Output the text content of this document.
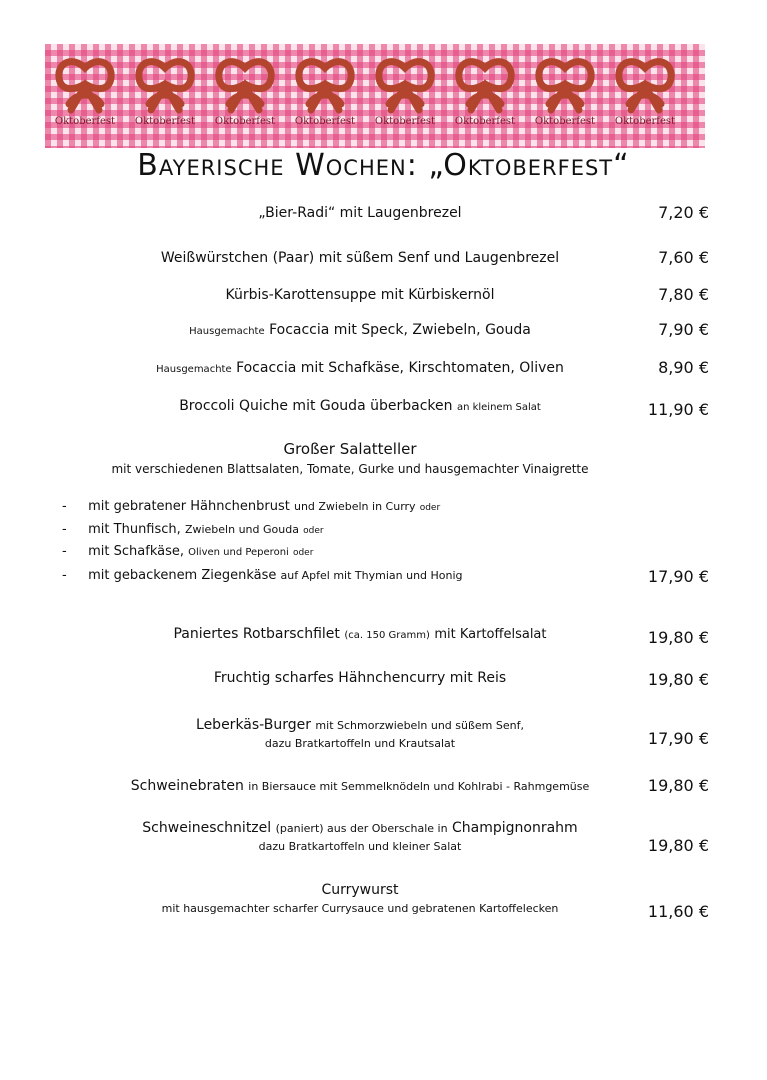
Oktoberfest	Oktoberfest	Oktoberfest	Oktoberfest	Oktoberfest	Oktoberfest	Oktoberfest	Oktoberfest
Bayerische Wochen: „Oktoberfest“
„Bier-Radi“ mit Laugenbrezel	7,20 €
Weißwürstchen (Paar) mit süßem Senf und Laugenbrezel	7,60 €
Kürbis-Karottensuppe mit Kürbiskernöl	7,80 €
Hausgemachte Focaccia mit Speck, Zwiebeln, Gouda	7,90 €
Hausgemachte Focaccia mit Schafkäse, Kirschtomaten, Oliven	8,90 €
Broccoli Quiche mit Gouda überbacken an kleinem Salat	11,90 €
Großer Salatteller
mit verschiedenen Blattsalaten, Tomate, Gurke und hausgemachter Vinaigrette
- mit gebratener Hähnchenbrust und Zwiebeln in Curry oder
- mit Thunfisch, Zwiebeln und Gouda oder
- mit Schafkäse, Oliven und Peperoni oder
- mit gebackenem Ziegenkäse auf Apfel mit Thymian und Honig	17,90 €
Paniertes Rotbarschfilet (ca. 150 Gramm) mit Kartoffelsalat	19,80 €
Fruchtig scharfes Hähnchencurry mit Reis	19,80 €
Leberkäs-Burger mit Schmorzwiebeln und süßem Senf,
dazu Bratkartoffeln und Krautsalat	17,90 €
Schweinebraten in Biersauce mit Semmelknödeln und Kohlrabi - Rahmgemüse	19,80 €
Schweineschnitzel (paniert) aus der Oberschale in Champignonrahm
dazu Bratkartoffeln und kleiner Salat	19,80 €
Currywurst
mit hausgemachter scharfer Currysauce und gebratenen Kartoffelecken	11,60 €
